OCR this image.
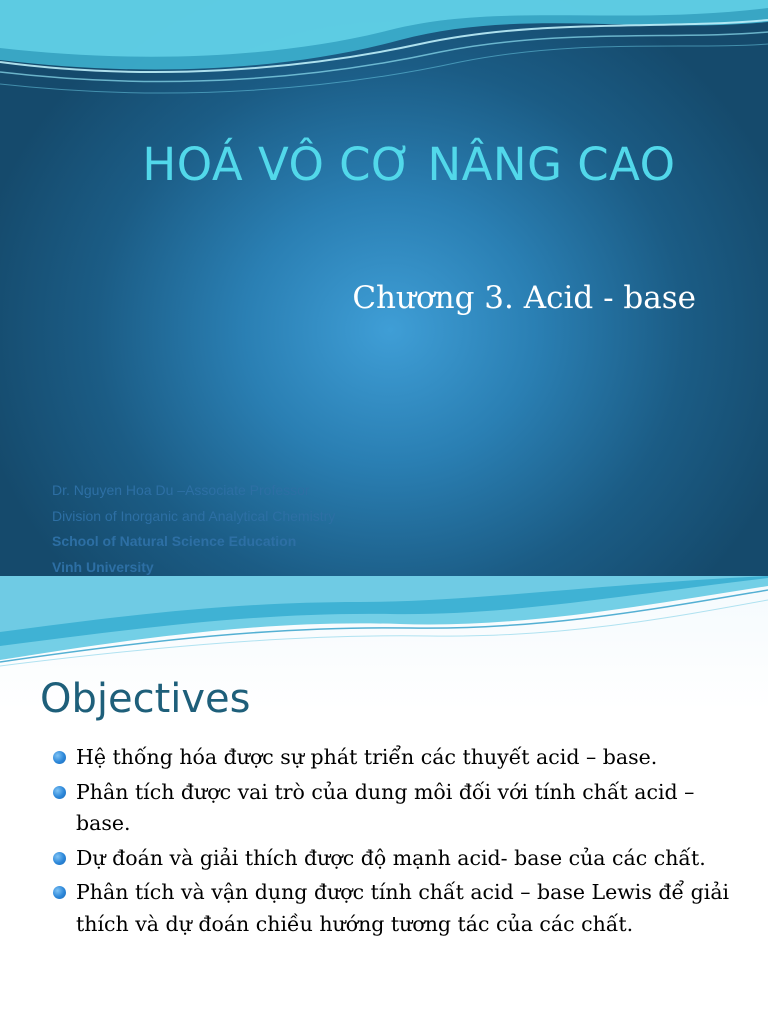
HOÁ VÔ CƠ NÂNG CAO
Chương 3. Acid - base
Dr. Nguyen Hoa Du –Associate Professor
Division of Inorganic and Analytical Chemistry
School of Natural Science Education
Vinh University
Objectives
Hệ thống hóa được sự phát triển các thuyết acid – base.
Phân tích được vai trò của dung môi đối với tính chất acid – base.
Dự đoán và giải thích được độ mạnh acid- base của các chất.
Phân tích và vận dụng được tính chất acid – base Lewis để giải thích và dự đoán chiều hướng tương tác của các chất.
